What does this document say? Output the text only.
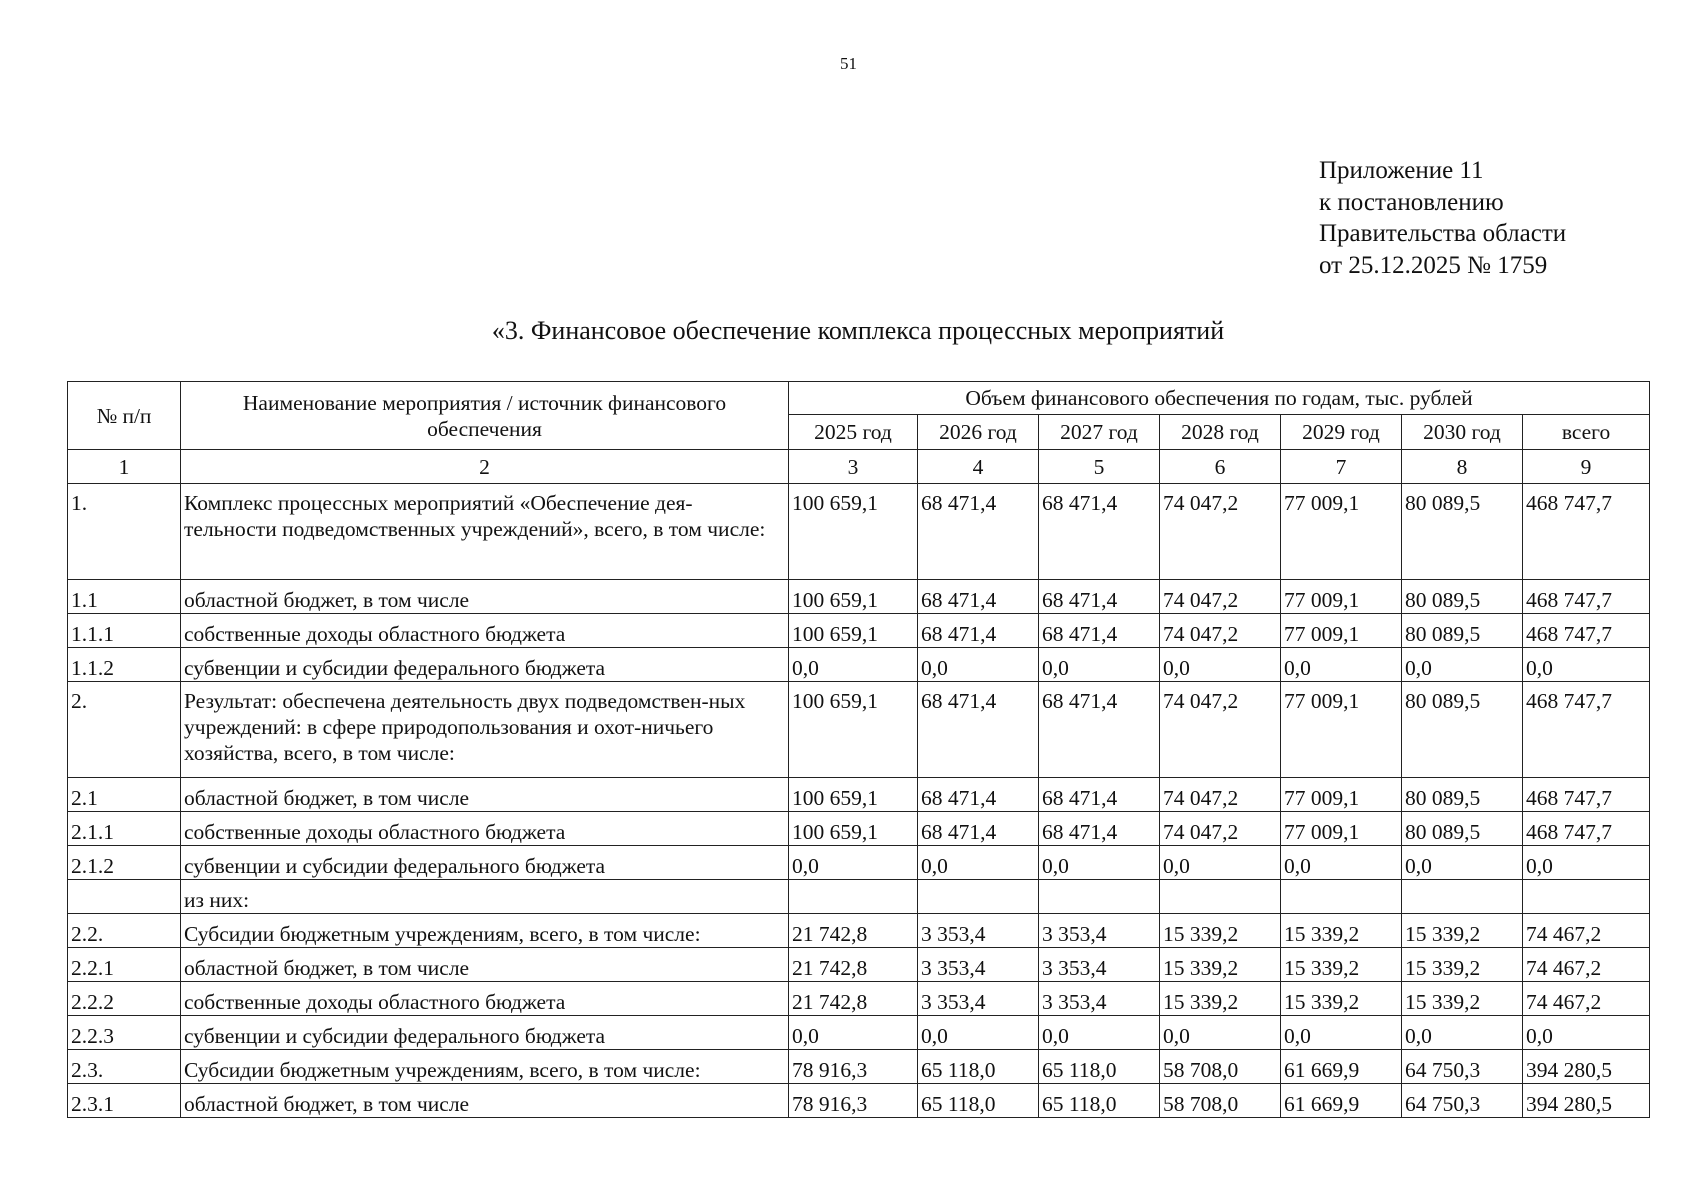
51
Приложение 11
к постановлению
Правительства области
от 25.12.2025 № 1759
«3. Финансовое обеспечение комплекса процессных мероприятий
№ п/п	Наименование мероприятия / источник финансового обеспечения	Объем финансового обеспечения по годам, тыс. рублей						
		2025 год	2026 год	2027 год	2028 год	2029 год	2030 год	всего
1	2	3	4	5	6	7	8	9
1.	Комплекс процессных мероприятий «Обеспечение дея-тельности подведомственных учреждений», всего, в том числе:	100 659,1	68 471,4	68 471,4	74 047,2	77 009,1	80 089,5	468 747,7
1.1	областной бюджет, в том числе	100 659,1	68 471,4	68 471,4	74 047,2	77 009,1	80 089,5	468 747,7
1.1.1	собственные доходы областного бюджета	100 659,1	68 471,4	68 471,4	74 047,2	77 009,1	80 089,5	468 747,7
1.1.2	субвенции и субсидии федерального бюджета	0,0	0,0	0,0	0,0	0,0	0,0	0,0
2.	Результат: обеспечена деятельность двух подведомствен-ных учреждений: в сфере природопользования и охот-ничьего хозяйства, всего, в том числе:	100 659,1	68 471,4	68 471,4	74 047,2	77 009,1	80 089,5	468 747,7
2.1	областной бюджет, в том числе	100 659,1	68 471,4	68 471,4	74 047,2	77 009,1	80 089,5	468 747,7
2.1.1	собственные доходы областного бюджета	100 659,1	68 471,4	68 471,4	74 047,2	77 009,1	80 089,5	468 747,7
2.1.2	субвенции и субсидии федерального бюджета	0,0	0,0	0,0	0,0	0,0	0,0	0,0
	из них:							
2.2.	Субсидии бюджетным учреждениям, всего, в том числе:	21 742,8	3 353,4	3 353,4	15 339,2	15 339,2	15 339,2	74 467,2
2.2.1	областной бюджет, в том числе	21 742,8	3 353,4	3 353,4	15 339,2	15 339,2	15 339,2	74 467,2
2.2.2	собственные доходы областного бюджета	21 742,8	3 353,4	3 353,4	15 339,2	15 339,2	15 339,2	74 467,2
2.2.3	субвенции и субсидии федерального бюджета	0,0	0,0	0,0	0,0	0,0	0,0	0,0
2.3.	Субсидии бюджетным учреждениям, всего, в том числе:	78 916,3	65 118,0	65 118,0	58 708,0	61 669,9	64 750,3	394 280,5
2.3.1	областной бюджет, в том числе	78 916,3	65 118,0	65 118,0	58 708,0	61 669,9	64 750,3	394 280,5
